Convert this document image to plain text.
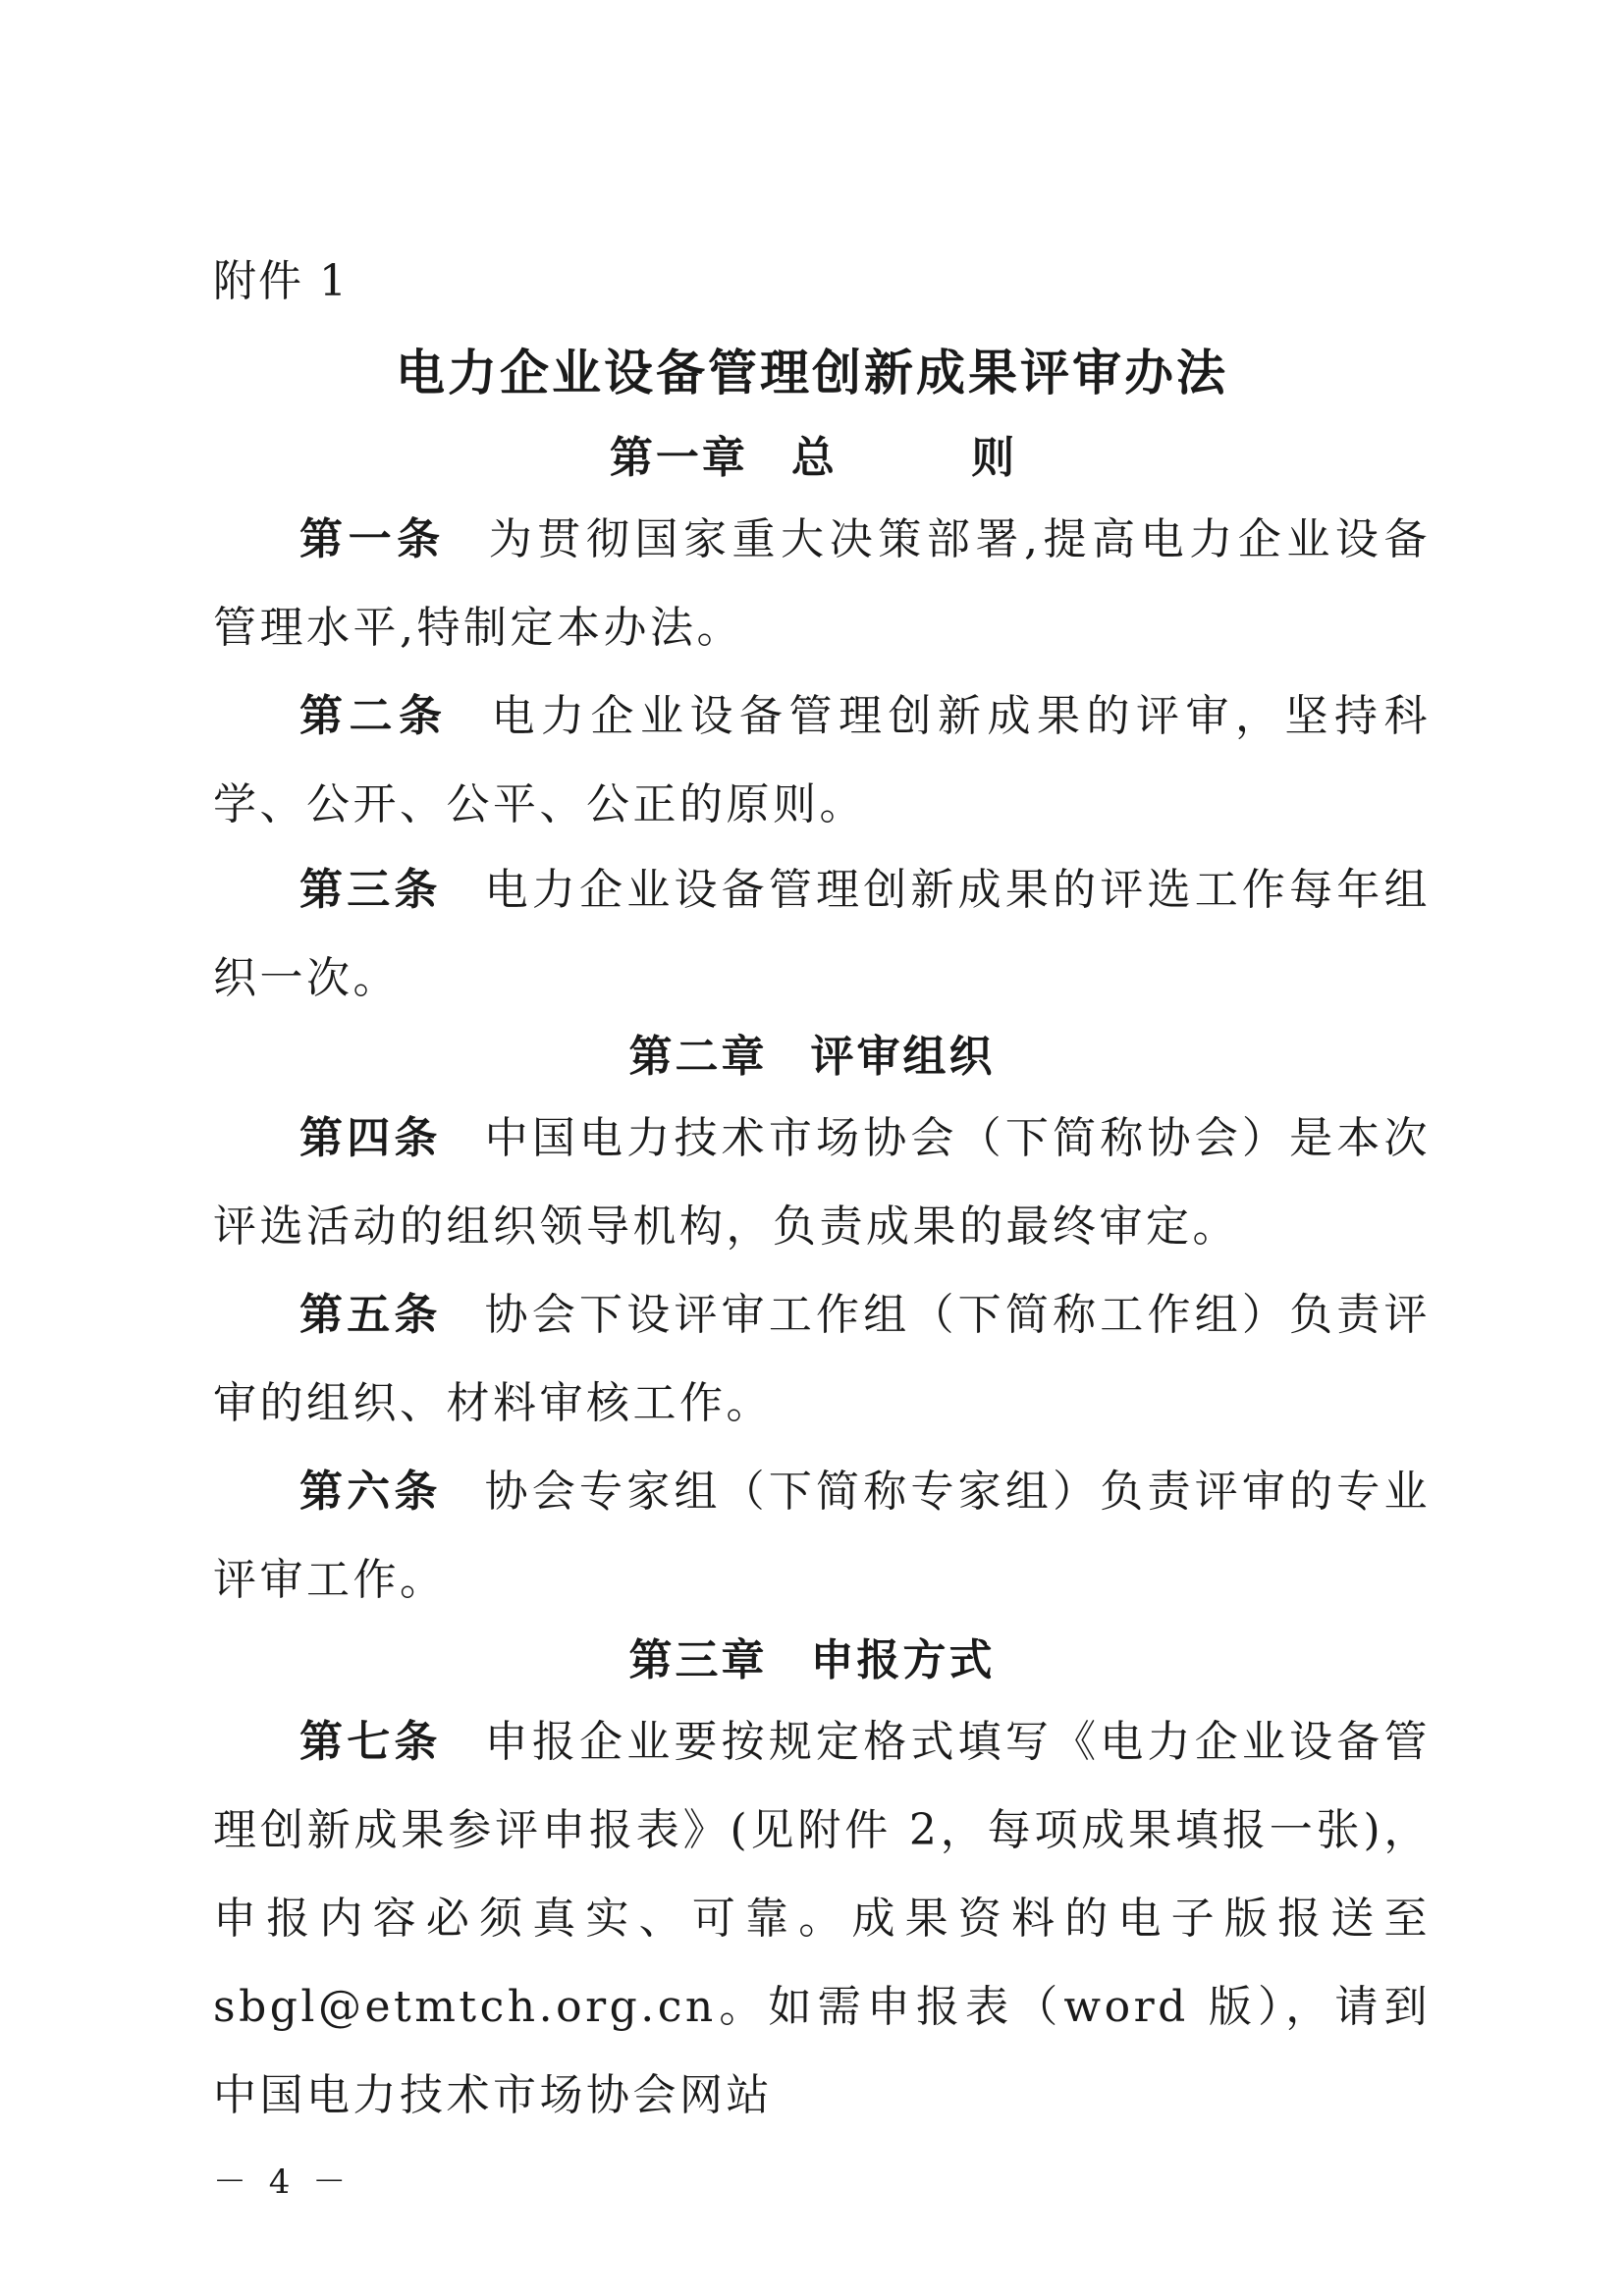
附件 1
电力企业设备管理创新成果评审办法
第一章 总 则
第一条 为贯彻国家重大决策部署,提高电力企业设备管理水平,特制定本办法。
第二条 电力企业设备管理创新成果的评审，坚持科学、公开、公平、公正的原则。
第三条 电力企业设备管理创新成果的评选工作每年组织一次。
第二章 评审组织
第四条 中国电力技术市场协会（下简称协会）是本次评选活动的组织领导机构，负责成果的最终审定。
第五条 协会下设评审工作组（下简称工作组）负责评审的组织、材料审核工作。
第六条 协会专家组（下简称专家组）负责评审的专业评审工作。
第三章 申报方式
第七条 申报企业要按规定格式填写《电力企业设备管理创新成果参评申报表》(见附件 2，每项成果填报一张)，申报内容必须真实、可靠。成果资料的电子版报送至 sbgl@etmtch.org.cn。如需申报表（word 版），请到中国电力技术市场协会网站
－ 4 －
